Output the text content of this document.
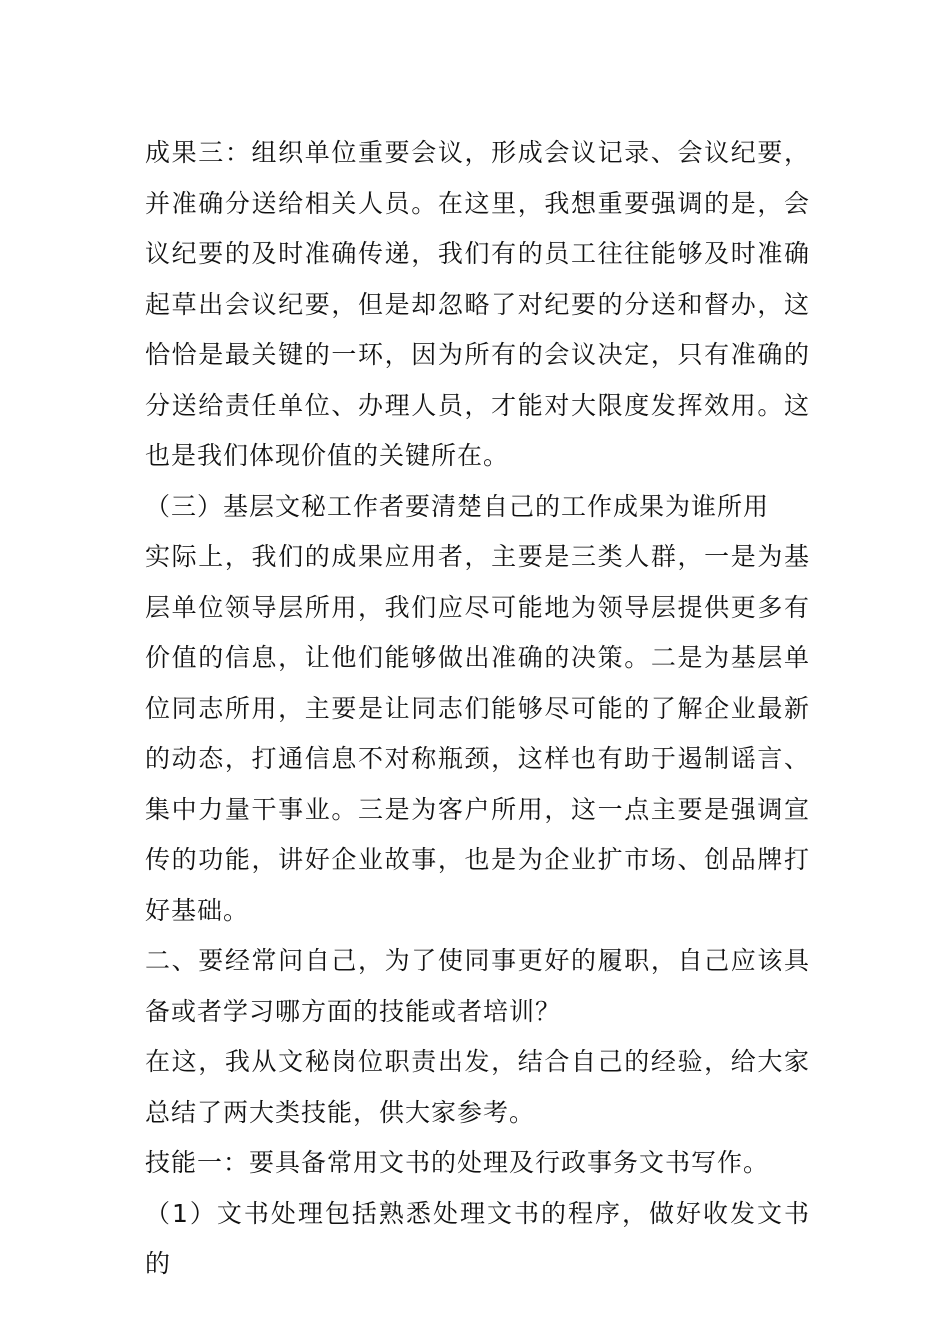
成果三：组织单位重要会议，形成会议记录、会议纪要，并准确分送给相关人员。在这里，我想重要强调的是，会议纪要的及时准确传递，我们有的员工往往能够及时准确起草出会议纪要，但是却忽略了对纪要的分送和督办，这恰恰是最关键的一环，因为所有的会议决定，只有准确的分送给责任单位、办理人员，才能对大限度发挥效用。这也是我们体现价值的关键所在。

（三）基层文秘工作者要清楚自己的工作成果为谁所用

实际上，我们的成果应用者，主要是三类人群，一是为基层单位领导层所用，我们应尽可能地为领导层提供更多有价值的信息，让他们能够做出准确的决策。二是为基层单位同志所用，主要是让同志们能够尽可能的了解企业最新的动态，打通信息不对称瓶颈，这样也有助于遏制谣言、集中力量干事业。三是为客户所用，这一点主要是强调宣传的功能，讲好企业故事，也是为企业扩市场、创品牌打好基础。

二、要经常问自己，为了使同事更好的履职，自己应该具备或者学习哪方面的技能或者培训？

在这，我从文秘岗位职责出发，结合自己的经验，给大家总结了两大类技能，供大家参考。

技能一：要具备常用文书的处理及行政事务文书写作。

（1）文书处理包括熟悉处理文书的程序，做好收发文书的
